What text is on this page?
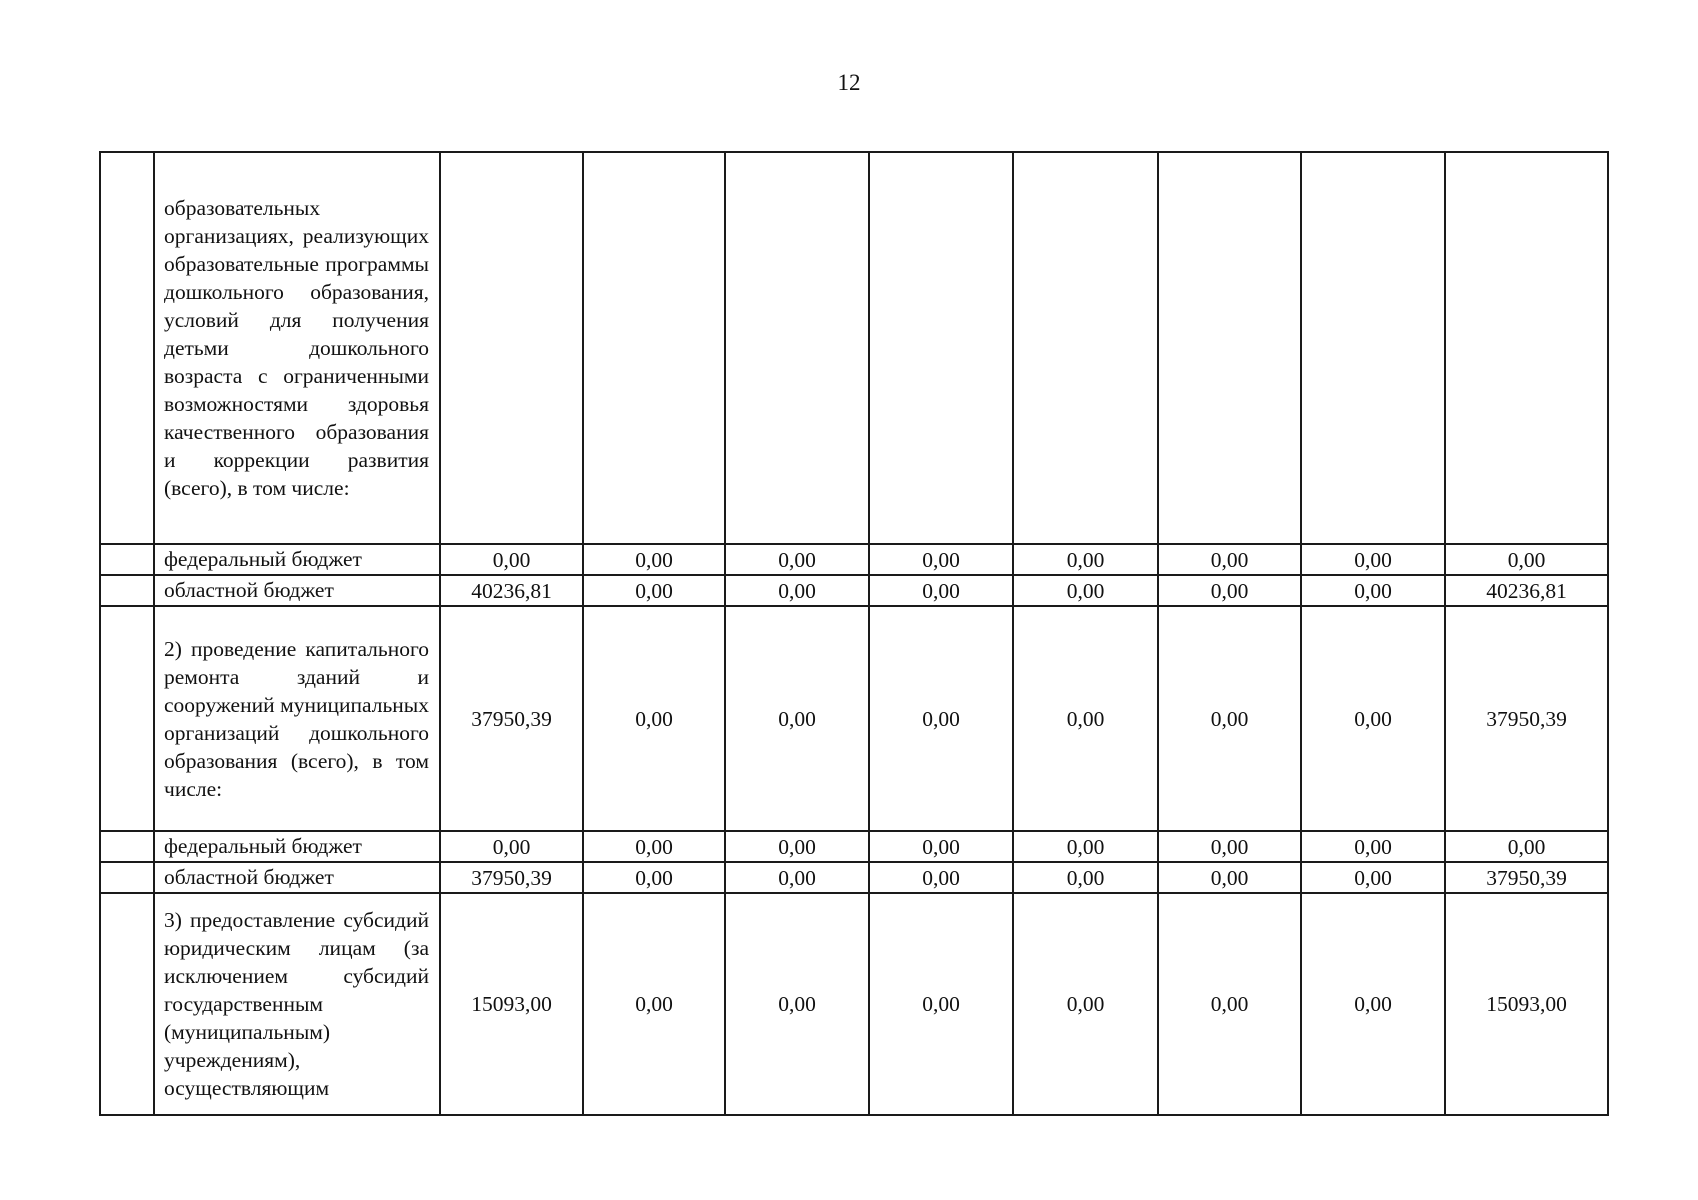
12
	образовательных организациях, реализующих образовательные программы дошкольного образования, условий для получения детьми дошкольного возраста с ограниченными возможностями здоровья качественного образования и коррекции развития (всего), в том числе:								
	федеральный бюджет	0,00	0,00	0,00	0,00	0,00	0,00	0,00	0,00
	областной бюджет	40236,81	0,00	0,00	0,00	0,00	0,00	0,00	40236,81
	2) проведение капитального ремонта зданий и сооружений муниципальных организаций дошкольного образования (всего), в том числе:	37950,39	0,00	0,00	0,00	0,00	0,00	0,00	37950,39
	федеральный бюджет	0,00	0,00	0,00	0,00	0,00	0,00	0,00	0,00
	областной бюджет	37950,39	0,00	0,00	0,00	0,00	0,00	0,00	37950,39
	3) предоставление субсидий юридическим лицам (за исключением субсидий государственным (муниципальным) учреждениям), осуществляющим	15093,00	0,00	0,00	0,00	0,00	0,00	0,00	15093,00
